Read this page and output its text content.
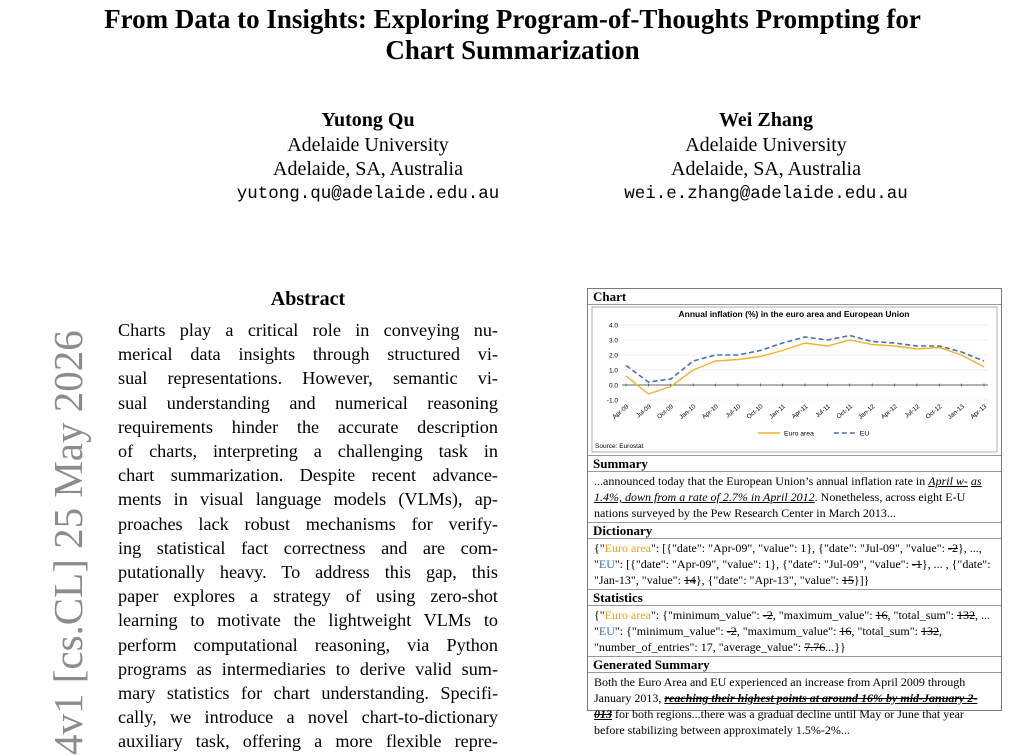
From Data to Insights: Exploring Program-of-Thoughts Prompting for
Chart Summarization
Yutong Qu
Adelaide University
Adelaide, SA, Australia
yutong.qu@adelaide.edu.au
Wei Zhang
Adelaide University
Adelaide, SA, Australia
wei.e.zhang@adelaide.edu.au
4v1 [cs.CL] 25 May 2026
Abstract
Charts play a critical role in conveying nu-
merical data insights through structured vi-
sual representations. However, semantic vi-
sual understanding and numerical reasoning
requirements hinder the accurate description
of charts, interpreting a challenging task in
chart summarization. Despite recent advance-
ments in visual language models (VLMs), ap-
proaches lack robust mechanisms for verify-
ing statistical fact correctness and are com-
putationally heavy. To address this gap, this
paper explores a strategy of using zero-shot
learning to motivate the lightweight VLMs to
perform computational reasoning, via Python
programs as intermediaries to derive valid sum-
mary statistics for chart understanding. Specifi-
cally, we introduce a novel chart-to-dictionary
auxiliary task, offering a more flexible repre-
Chart
Annual inflation (%) in the euro area and European Union
4.0
3.0
2.0
1.0
0.0
-1.0
Apr-09 Jul-09 Oct-09 Jan-10 Apr-10 Jul-10 Oct-10 Jan-11 Apr-11 Jul-11 Oct-11 Jan-12 Apr-12 Jul-12 Oct-12 Jan-13 Apr-13
Euro area	EU
Source: Eurostat
Summary
...announced today that the European Union’s annual inflation rate in April w- as 1.4%, down from a rate of 2.7% in April 2012. Nonetheless, across eight E-U nations surveyed by the Pew Research Center in March 2013...
Dictionary
{"Euro area": [{"date": "Apr-09", "value": 1}, {"date": "Jul-09", "value": -2}, ..., "EU": [{"date": "Apr-09", "value": 1}, {"date": "Jul-09", "value": -1}, ... , {"date": "Jan-13", "value": 14}, {"date": "Apr-13", "value": 15}]}
Statistics
{"Euro area": {"minimum_value": -2, "maximum_value": 16, "total_sum": 132, ... "EU": {"minimum_value": -2, "maximum_value": 16, "total_sum": 132, "number_of_entries": 17, "average_value": 7.76...}}
Generated Summary
Both the Euro Area and EU experienced an increase from April 2009 through January 2013, reaching their highest points at around 16% by mid-January 2-013 for both regions...there was a gradual decline until May or June that year before stabilizing between approximately 1.5%-2%...
